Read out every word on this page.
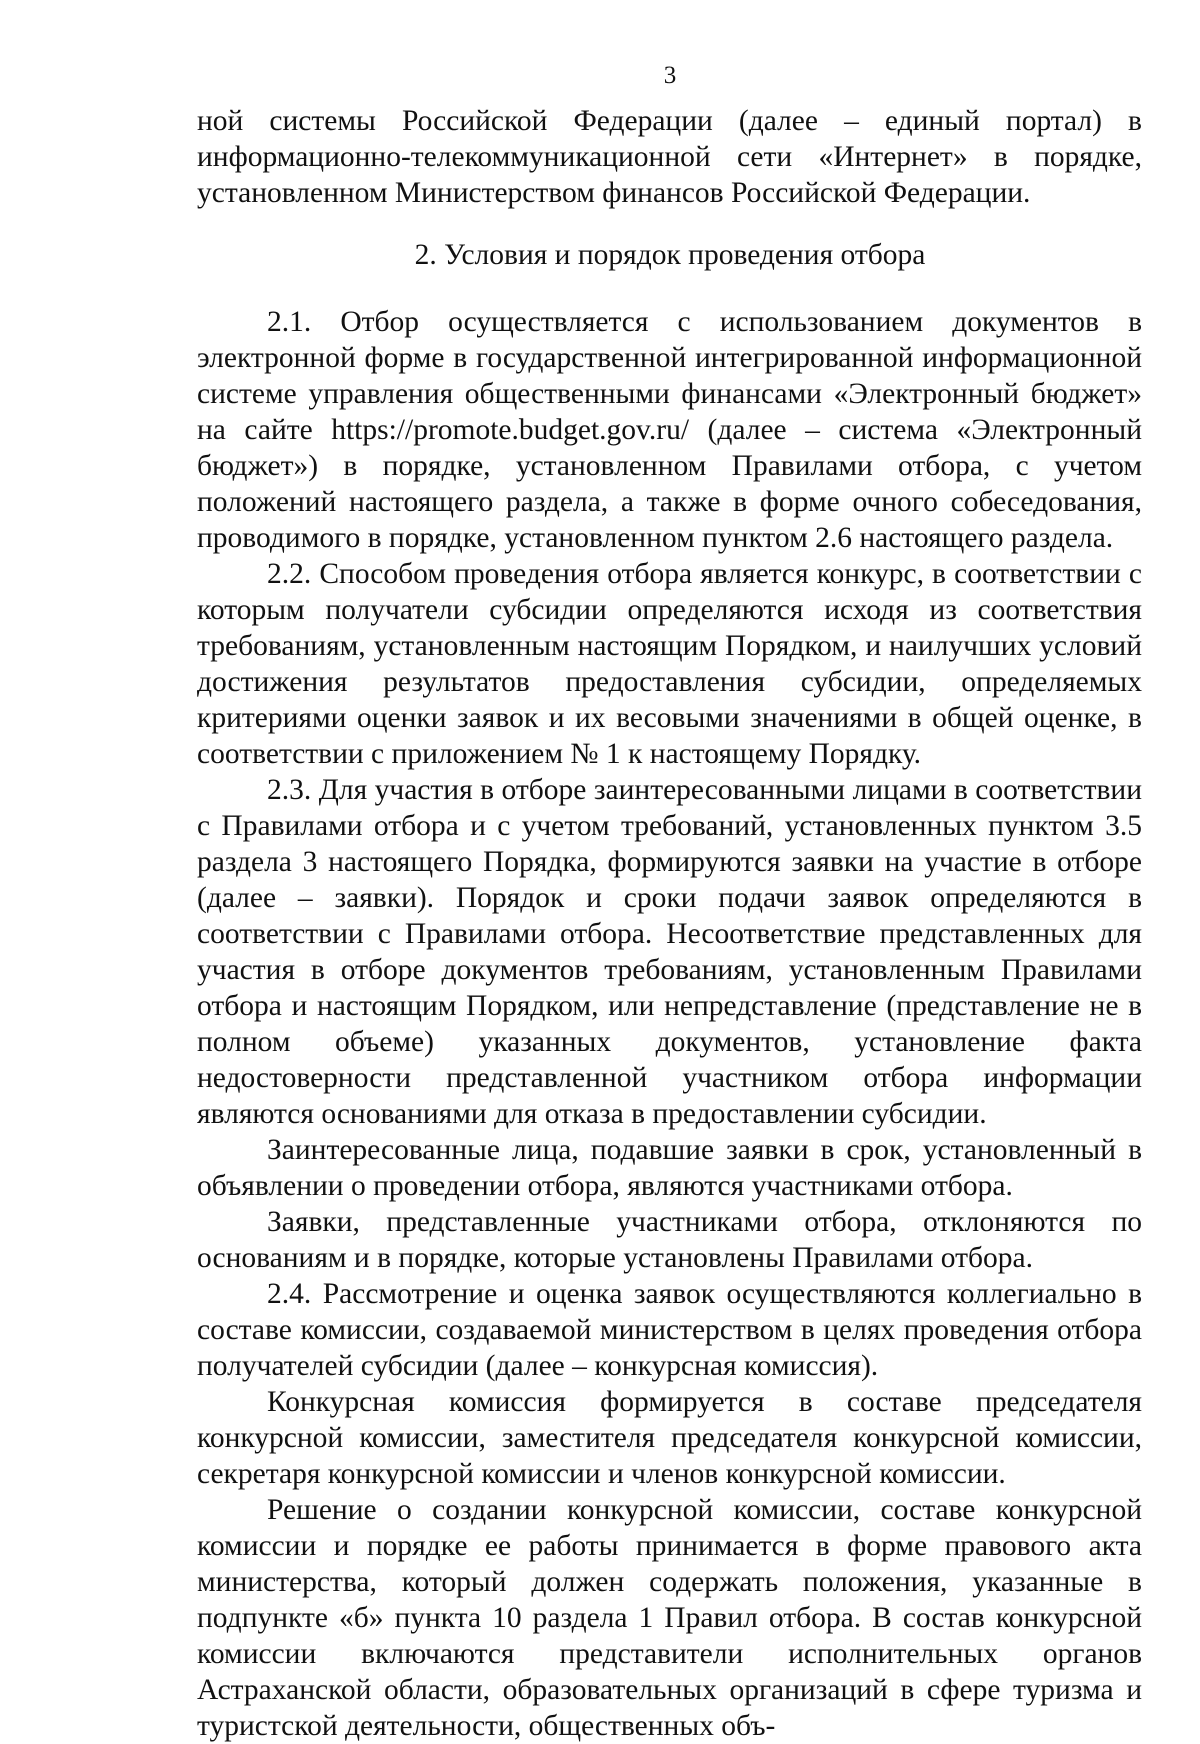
3

ной системы Российской Федерации (далее – единый портал) в информационно-телекоммуникационной сети «Интернет» в порядке, установленном Министерством финансов Российской Федерации.

2. Условия и порядок проведения отбора

2.1. Отбор осуществляется с использованием документов в электронной форме в государственной интегрированной информационной системе управления общественными финансами «Электронный бюджет» на сайте https://promote.budget.gov.ru/ (далее – система «Электронный бюджет») в порядке, установленном Правилами отбора, с учетом положений настоящего раздела, а также в форме очного собеседования, проводимого в порядке, установленном пунктом 2.6 настоящего раздела.

2.2. Способом проведения отбора является конкурс, в соответствии с которым получатели субсидии определяются исходя из соответствия требованиям, установленным настоящим Порядком, и наилучших условий достижения результатов предоставления субсидии, определяемых критериями оценки заявок и их весовыми значениями в общей оценке, в соответствии с приложением № 1 к настоящему Порядку.

2.3. Для участия в отборе заинтересованными лицами в соответствии с Правилами отбора и с учетом требований, установленных пунктом 3.5 раздела 3 настоящего Порядка, формируются заявки на участие в отборе (далее – заявки). Порядок и сроки подачи заявок определяются в соответствии с Правилами отбора. Несоответствие представленных для участия в отборе документов требованиям, установленным Правилами отбора и настоящим Порядком, или непредставление (представление не в полном объеме) указанных документов, установление факта недостоверности представленной участником отбора информации являются основаниями для отказа в предоставлении субсидии.

Заинтересованные лица, подавшие заявки в срок, установленный в объявлении о проведении отбора, являются участниками отбора.

Заявки, представленные участниками отбора, отклоняются по основаниям и в порядке, которые установлены Правилами отбора.

2.4. Рассмотрение и оценка заявок осуществляются коллегиально в составе комиссии, создаваемой министерством в целях проведения отбора получателей субсидии (далее – конкурсная комиссия).

Конкурсная комиссия формируется в составе председателя конкурсной комиссии, заместителя председателя конкурсной комиссии, секретаря конкурсной комиссии и членов конкурсной комиссии.

Решение о создании конкурсной комиссии, составе конкурсной комиссии и порядке ее работы принимается в форме правового акта министерства, который должен содержать положения, указанные в подпункте «б» пункта 10 раздела 1 Правил отбора. В состав конкурсной комиссии включаются представители исполнительных органов Астраханской области, образовательных организаций в сфере туризма и туристской деятельности, общественных объ-
